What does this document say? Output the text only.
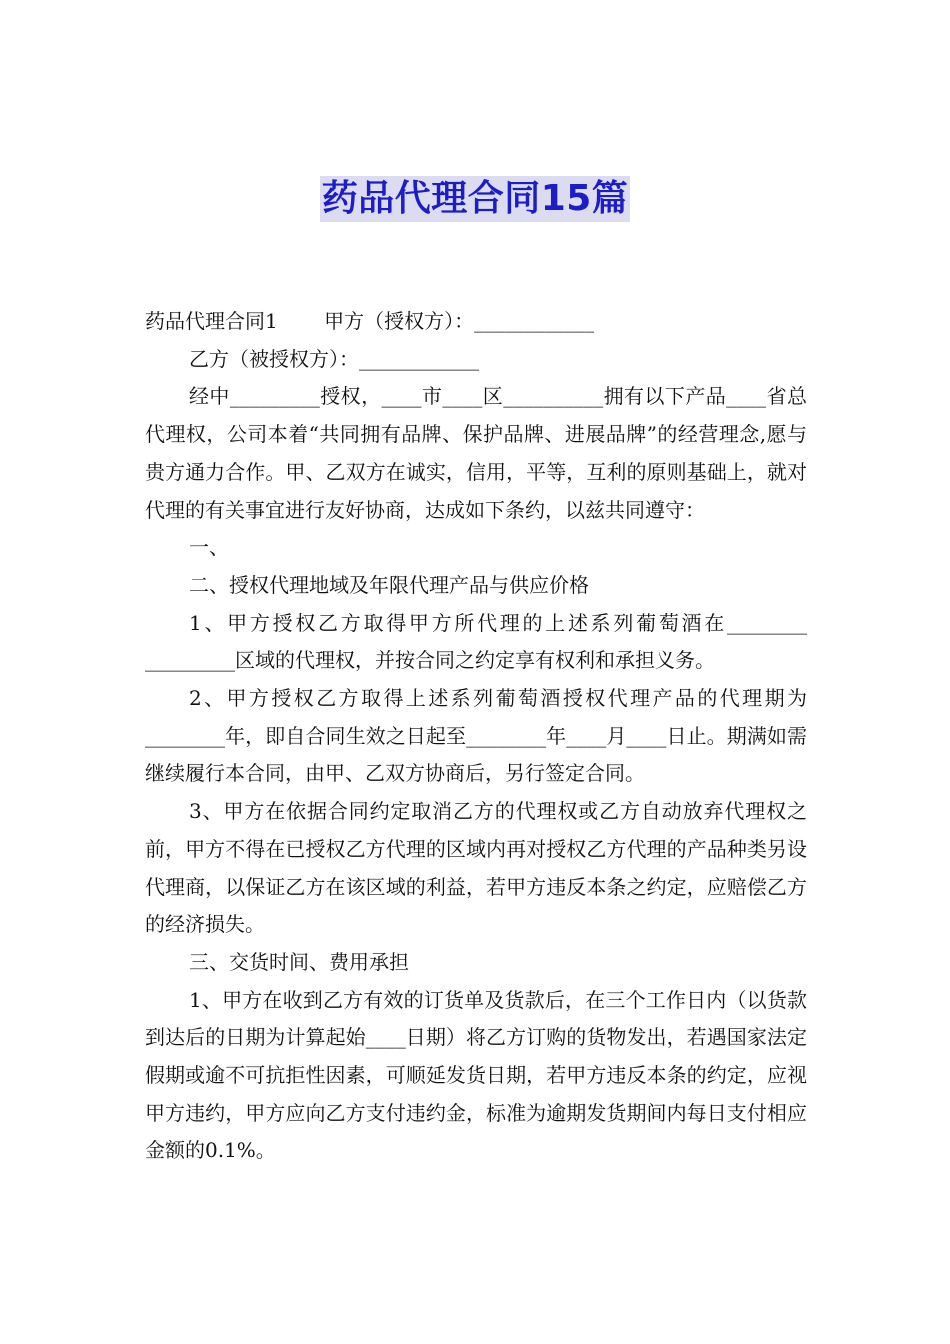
药品代理合同15篇

药品代理合同1　　 甲方（授权方）：____________

乙方（被授权方）：____________

经中_________授权，____市____区__________拥有以下产品____省总代理权，公司本着“共同拥有品牌、保护品牌、进展品牌”的经营理念,愿与贵方通力合作。甲、乙双方在诚实，信用，平等，互利的原则基础上，就对代理的有关事宜进行友好协商，达成如下条约，以兹共同遵守：

一、

二、授权代理地域及年限代理产品与供应价格

1、甲方授权乙方取得甲方所代理的上述系列葡萄酒在________ _________区域的代理权，并按合同之约定享有权利和承担义务。

2、甲方授权乙方取得上述系列葡萄酒授权代理产品的代理期为________年，即自合同生效之日起至________年____月____日止。期满如需继续履行本合同，由甲、乙双方协商后，另行签定合同。

3、甲方在依据合同约定取消乙方的代理权或乙方自动放弃代理权之前，甲方不得在已授权乙方代理的区域内再对授权乙方代理的产品种类另设代理商，以保证乙方在该区域的利益，若甲方违反本条之约定，应赔偿乙方的经济损失。

三、交货时间、费用承担

1、甲方在收到乙方有效的订货单及货款后，在三个工作日内（以货款到达后的日期为计算起始____日期）将乙方订购的货物发出，若遇国家法定假期或逾不可抗拒性因素，可顺延发货日期，若甲方违反本条的约定，应视甲方违约，甲方应向乙方支付违约金，标准为逾期发货期间内每日支付相应金额的0.1%。
